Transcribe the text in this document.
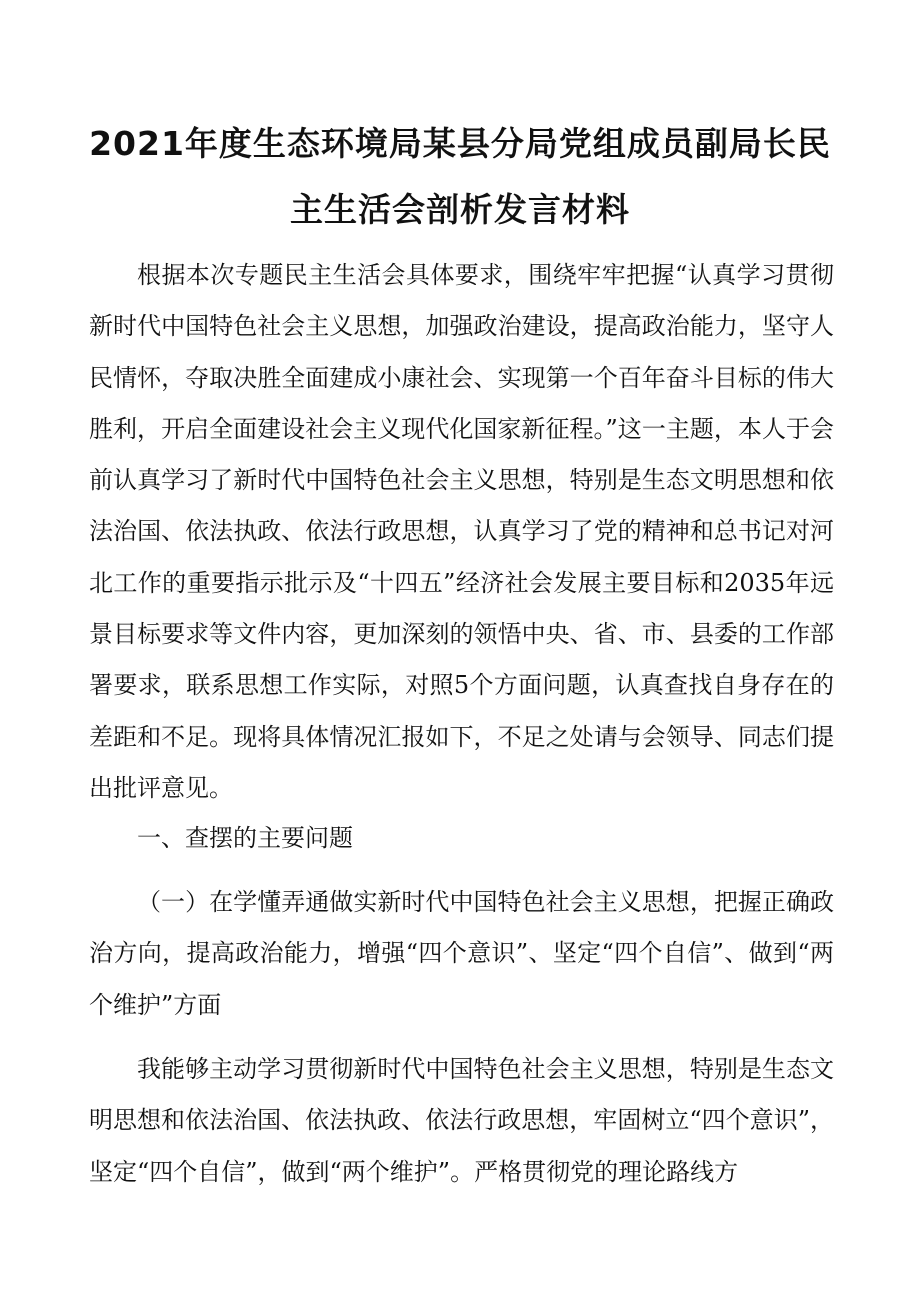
2021年度生态环境局某县分局党组成员副局长民
主生活会剖析发言材料

根据本次专题民主生活会具体要求，围绕牢牢把握“认真学习贯彻新时代中国特色社会主义思想，加强政治建设，提高政治能力，坚守人民情怀，夺取决胜全面建成小康社会、实现第一个百年奋斗目标的伟大胜利，开启全面建设社会主义现代化国家新征程。”这一主题，本人于会前认真学习了新时代中国特色社会主义思想，特别是生态文明思想和依法治国、依法执政、依法行政思想，认真学习了党的精神和总书记对河北工作的重要指示批示及“十四五”经济社会发展主要目标和2035年远景目标要求等文件内容，更加深刻的领悟中央、省、市、县委的工作部署要求，联系思想工作实际，对照5个方面问题，认真查找自身存在的差距和不足。现将具体情况汇报如下，不足之处请与会领导、同志们提出批评意见。

一、查摆的主要问题

（一）在学懂弄通做实新时代中国特色社会主义思想，把握正确政治方向，提高政治能力，增强“四个意识”、坚定“四个自信”、做到“两个维护”方面

我能够主动学习贯彻新时代中国特色社会主义思想，特别是生态文明思想和依法治国、依法执政、依法行政思想，牢固树立“四个意识”，坚定“四个自信”，做到“两个维护”。严格贯彻党的理论路线方
